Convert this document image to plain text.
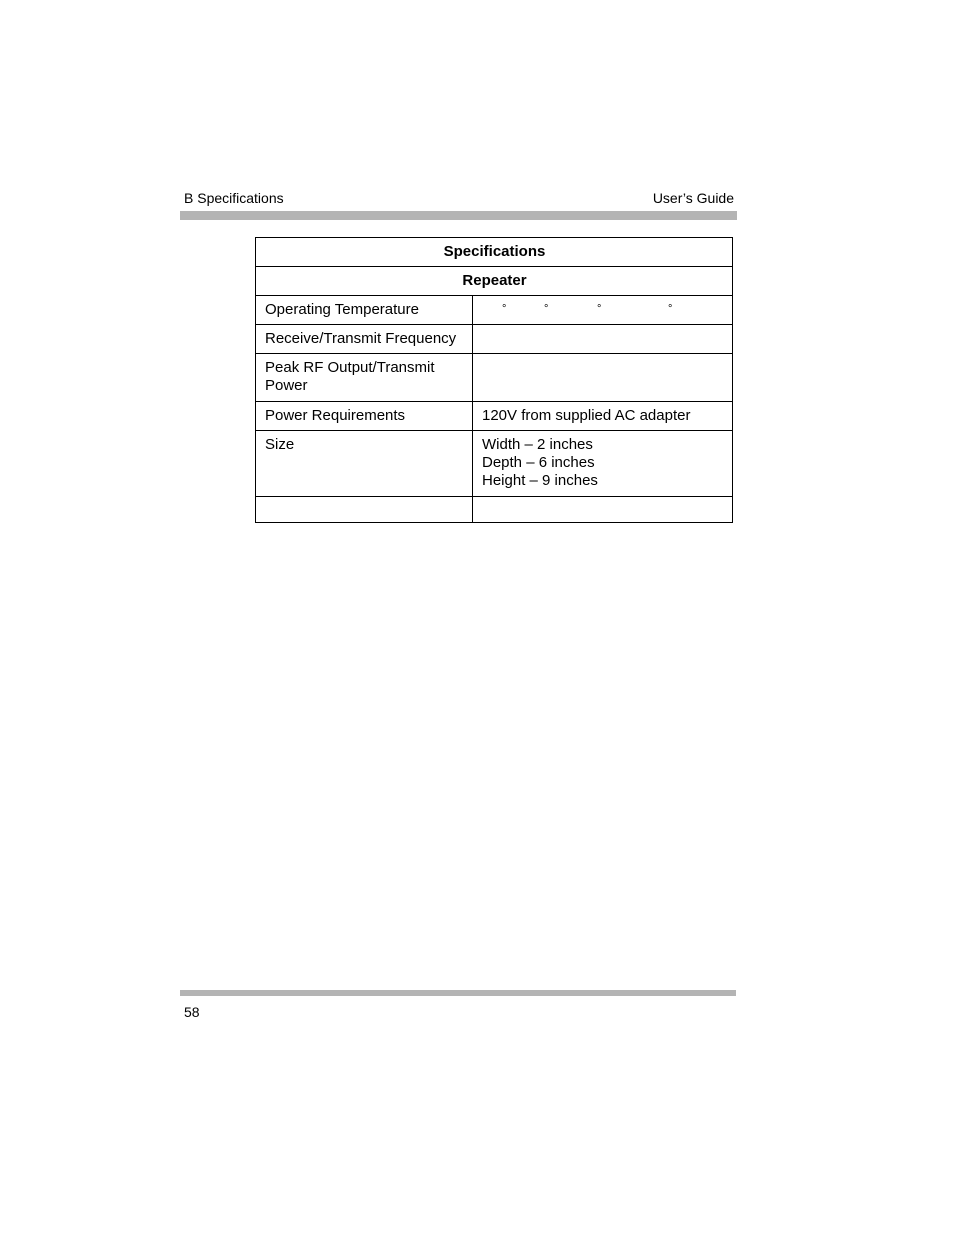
B Specifications	User’s Guide
Specifications	
Repeater	
Operating Temperature	° ° ° °

Receive/Transmit Frequency	
Peak RF Output/Transmit Power	
Power Requirements	120V from supplied AC adapter
Size	Width – 2 inches
Depth – 6 inches
Height – 9 inches

58
